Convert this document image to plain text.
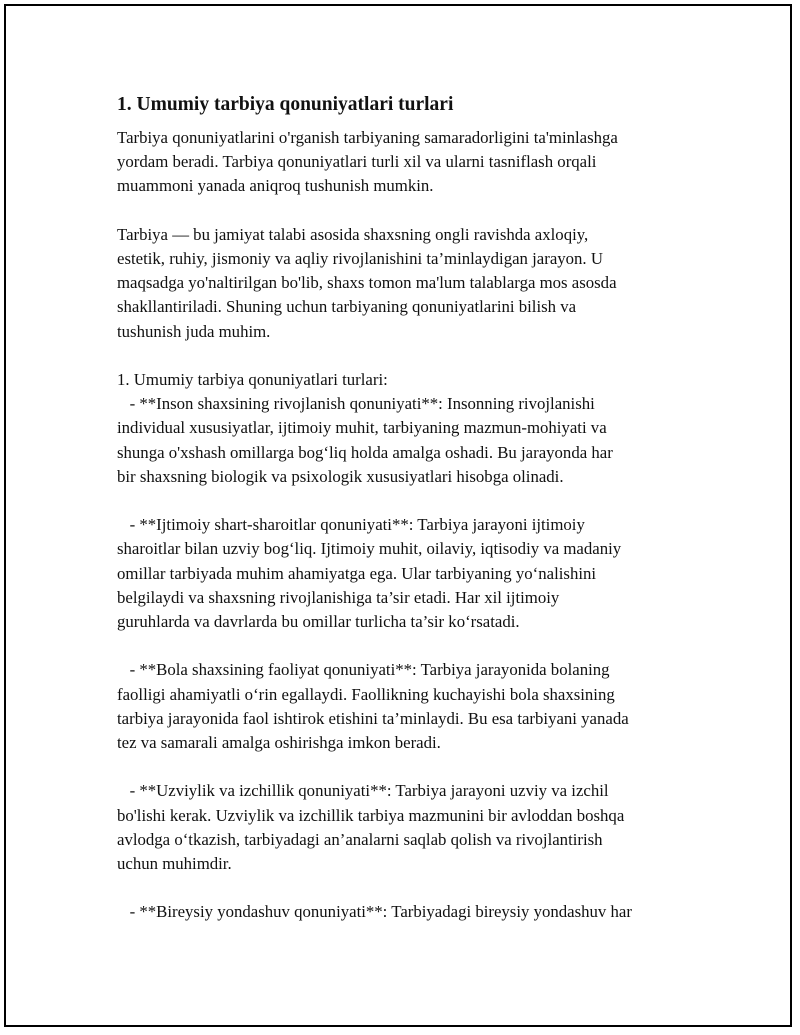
1. Umumiy tarbiya qonuniyatlari turlari
Tarbiya qonuniyatlarini o'rganish tarbiyaning samaradorligini ta'minlashga
yordam beradi. Tarbiya qonuniyatlari turli xil va ularni tasniflash orqali
muammoni yanada aniqroq tushunish mumkin.
Tarbiya — bu jamiyat talabi asosida shaxsning ongli ravishda axloqiy,
estetik, ruhiy, jismoniy va aqliy rivojlanishini ta’minlaydigan jarayon. U
maqsadga yo'naltirilgan bo'lib, shaxs tomon ma'lum talablarga mos asosda
shakllantiriladi. Shuning uchun tarbiyaning qonuniyatlarini bilish va
tushunish juda muhim.
1. Umumiy tarbiya qonuniyatlari turlari:
- **Inson shaxsining rivojlanish qonuniyati**: Insonning rivojlanishi
individual xususiyatlar, ijtimoiy muhit, tarbiyaning mazmun-mohiyati va
shunga o'xshash omillarga bog‘liq holda amalga oshadi. Bu jarayonda har
bir shaxsning biologik va psixologik xususiyatlari hisobga olinadi.
- **Ijtimoiy shart-sharoitlar qonuniyati**: Tarbiya jarayoni ijtimoiy
sharoitlar bilan uzviy bog‘liq. Ijtimoiy muhit, oilaviy, iqtisodiy va madaniy
omillar tarbiyada muhim ahamiyatga ega. Ular tarbiyaning yo‘nalishini
belgilaydi va shaxsning rivojlanishiga ta’sir etadi. Har xil ijtimoiy
guruhlarda va davrlarda bu omillar turlicha ta’sir ko‘rsatadi.
- **Bola shaxsining faoliyat qonuniyati**: Tarbiya jarayonida bolaning
faolligi ahamiyatli o‘rin egallaydi. Faollikning kuchayishi bola shaxsining
tarbiya jarayonida faol ishtirok etishini ta’minlaydi. Bu esa tarbiyani yanada
tez va samarali amalga oshirishga imkon beradi.
- **Uzviylik va izchillik qonuniyati**: Tarbiya jarayoni uzviy va izchil
bo'lishi kerak. Uzviylik va izchillik tarbiya mazmunini bir avloddan boshqa
avlodga o‘tkazish, tarbiyadagi an’analarni saqlab qolish va rivojlantirish
uchun muhimdir.
- **Bireysiy yondashuv qonuniyati**: Tarbiyadagi bireysiy yondashuv har
